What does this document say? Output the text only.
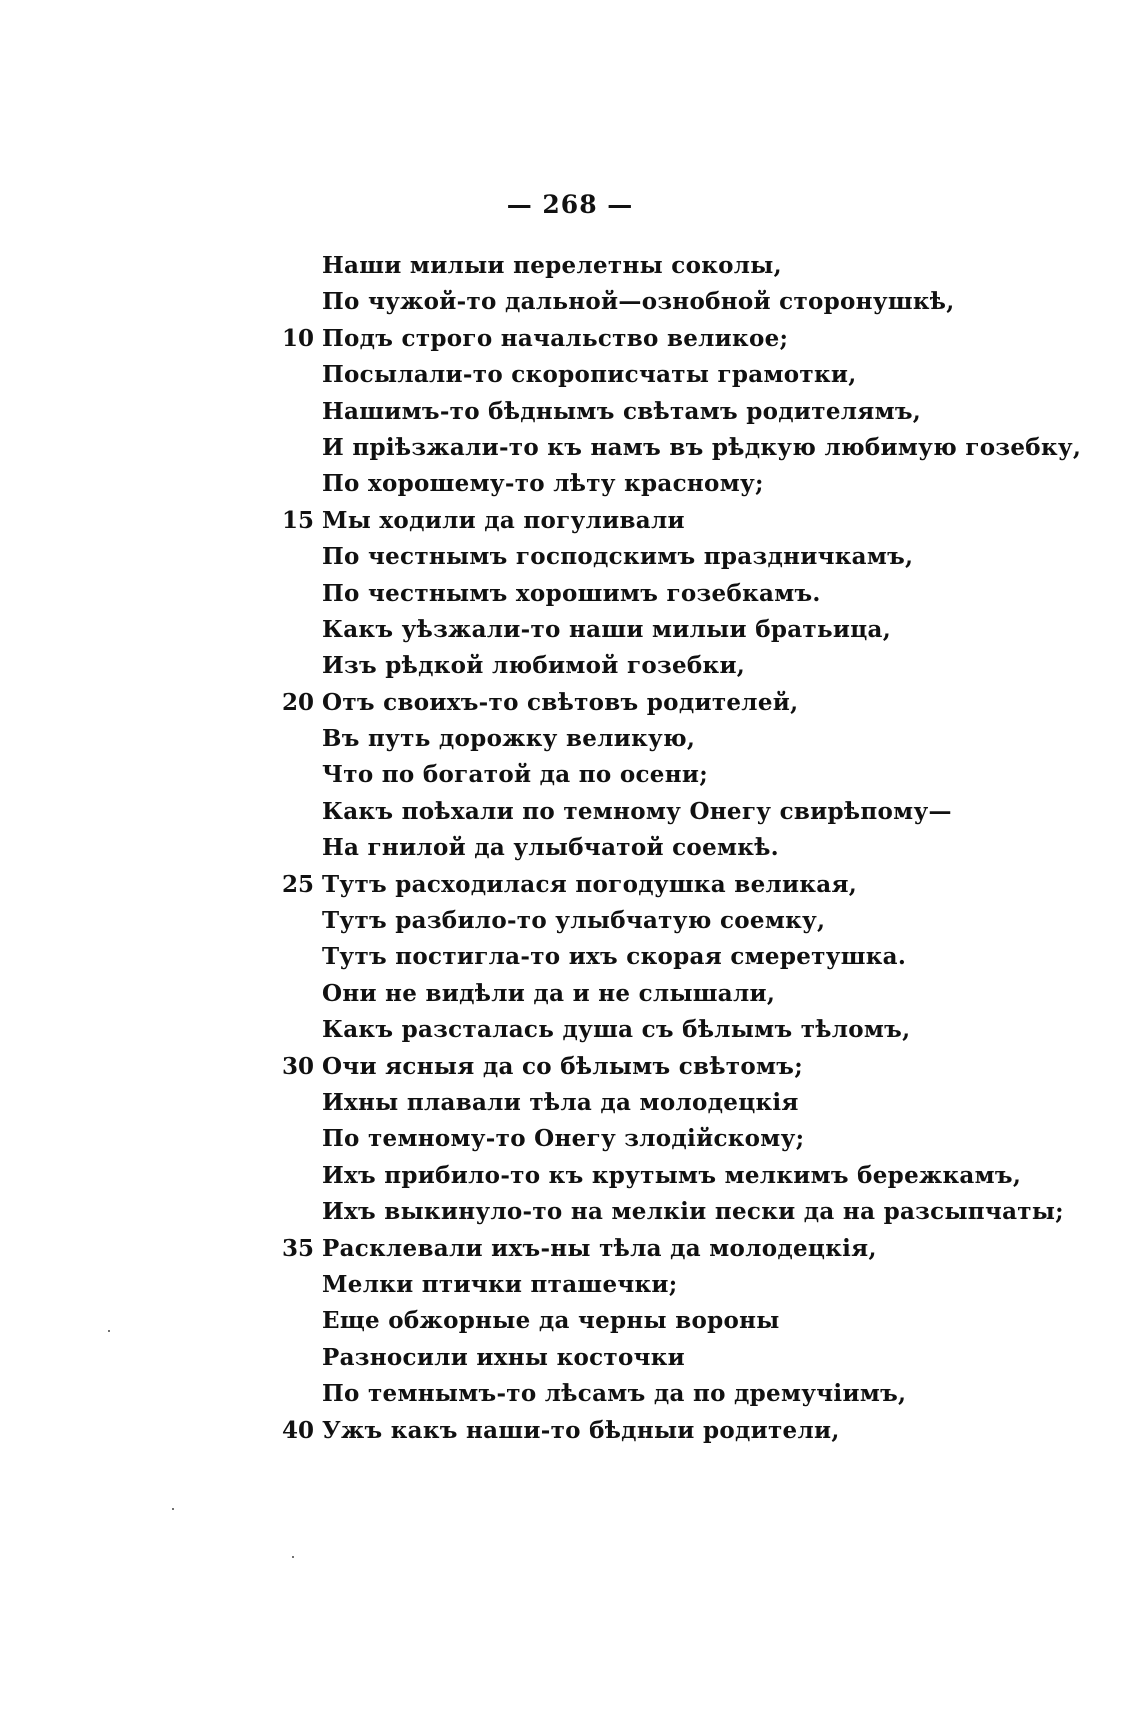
— 268 —
Наши милыи перелетны соколы,
По чужой-то дальной—ознобной сторонушкѣ,
10 Подъ строго начальство великое;
Посылали-то скорописчаты грамотки,
Нашимъ-то бѣднымъ свѣтамъ родителямъ,
И прiѣзжали-то къ намъ въ рѣдкую любимую гозебку,
По хорошему-то лѣту красному;
15 Мы ходили да погуливали
По честнымъ господскимъ праздничкамъ,
По честнымъ хорошимъ гозебкамъ.
Какъ уѣзжали-то наши милыи братьица,
Изъ рѣдкой любимой гозебки,
20 Отъ своихъ-то свѣтовъ родителей,
Въ путь дорожку великую,
Что по богатой да по осени;
Какъ поѣхали по темному Онегу свирѣпому—
На гнилой да улыбчатой соемкѣ.
25 Тутъ расходилася погодушка великая,
Тутъ разбило-то улыбчатую соемку,
Тутъ постигла-то ихъ скорая смеретушка.
Они не видѣли да и не слышали,
Какъ разсталась душа съ бѣлымъ тѣломъ,
30 Очи ясныя да со бѣлымъ свѣтомъ;
Ихны плавали тѣла да молодецкiя
По темному-то Онегу злодiйскому;
Ихъ прибило-то къ крутымъ мелкимъ бережкамъ,
Ихъ выкинуло-то на мелкiи пески да на разсыпчаты;
35 Расклевали ихъ-ны тѣла да молодецкiя,
Мелки птички пташечки;
Еще обжорные да черны вороны
Разносили ихны косточки
По темнымъ-то лѣсамъ да по дремучiимъ,
40 Ужъ какъ наши-то бѣдныи родители,
